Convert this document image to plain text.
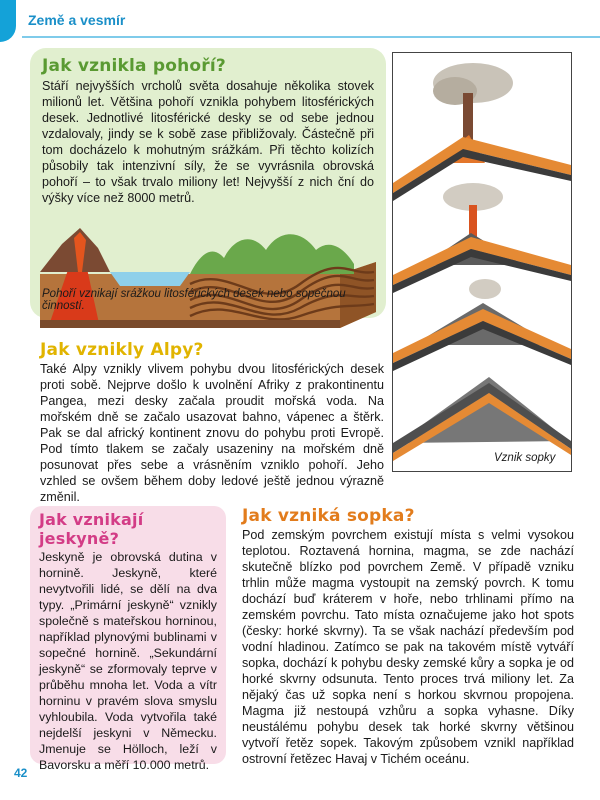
Země a vesmír
Jak vznikla pohoří?

Stáří nejvyšších vrcholů světa dosahuje několika stovek milionů let. Většina pohoří vznikla pohybem litosférických desek. Jednotlivé litosférické desky se od sebe jednou vzdalovaly, jindy se k sobě zase přibližovaly. Částečně při tom docházelo k mohutným srážkám. Při těchto kolizích působily tak intenzivní síly, že se vyvrásnila obrovská pohoří – to však trvalo miliony let! Nejvyšší z nich ční do výšky více než 8000 metrů.

Pohoří vznikají srážkou litosférických desek nebo sopečnou činností.
Vznik sopky
Jak vznikly Alpy?

Také Alpy vznikly vlivem pohybu dvou litosférických desek proti sobě. Nejprve došlo k uvolnění Afriky z prakontinentu Pangea, mezi desky začala proudit mořská voda. Na mořském dně se začalo usazovat bahno, vápenec a štěrk. Pak se dal africký kontinent znovu do pohybu proti Evropě. Pod tímto tlakem se začaly usazeniny na mořském dně posunovat přes sebe a vrásněním vzniklo pohoří. Jeho vzhled se ovšem během doby ledové ještě jednou výrazně změnil.

Jak vznikají jeskyně?

Jeskyně je obrovská dutina v hornině. Jeskyně, které nevytvořili lidé, se dělí na dva typy. „Primární jeskyně“ vznikly společně s mateřskou horninou, například plynovými bublinami v sopečné hornině. „Sekundární jeskyně“ se zformovaly teprve v průběhu mnoha let. Voda a vítr horninu v pravém slova smyslu vyhloubila. Voda vytvořila také nejdelší jeskyni v Německu. Jmenuje se Hölloch, leží v Bavorsku a měří 10.000 metrů.

Jak vzniká sopka?

Pod zemským povrchem existují místa s velmi vysokou teplotou. Roztavená hornina, magma, se zde nachází skutečně blízko pod povrchem Země. V případě vzniku trhlin může magma vystoupit na zemský povrch. K tomu dochází buď kráterem v hoře, nebo trhlinami přímo na zemském povrchu. Tato místa označujeme jako hot spots (česky: horké skvrny). Ta se však nachází především pod vodní hladinou. Zatímco se pak na takovém místě vytváří sopka, dochází k pohybu desky zemské kůry a sopka je od horké skvrny odsunuta. Tento proces trvá miliony let. Za nějaký čas už sopka není s horkou skvrnou propojena. Magma již nestoupá vzhůru a sopka vyhasne. Díky neustálému pohybu desek tak horké skvrny většinou vytvoří řetěz sopek. Takovým způsobem vznikl například ostrovní řetězec Havaj v Tichém oceánu.

42
